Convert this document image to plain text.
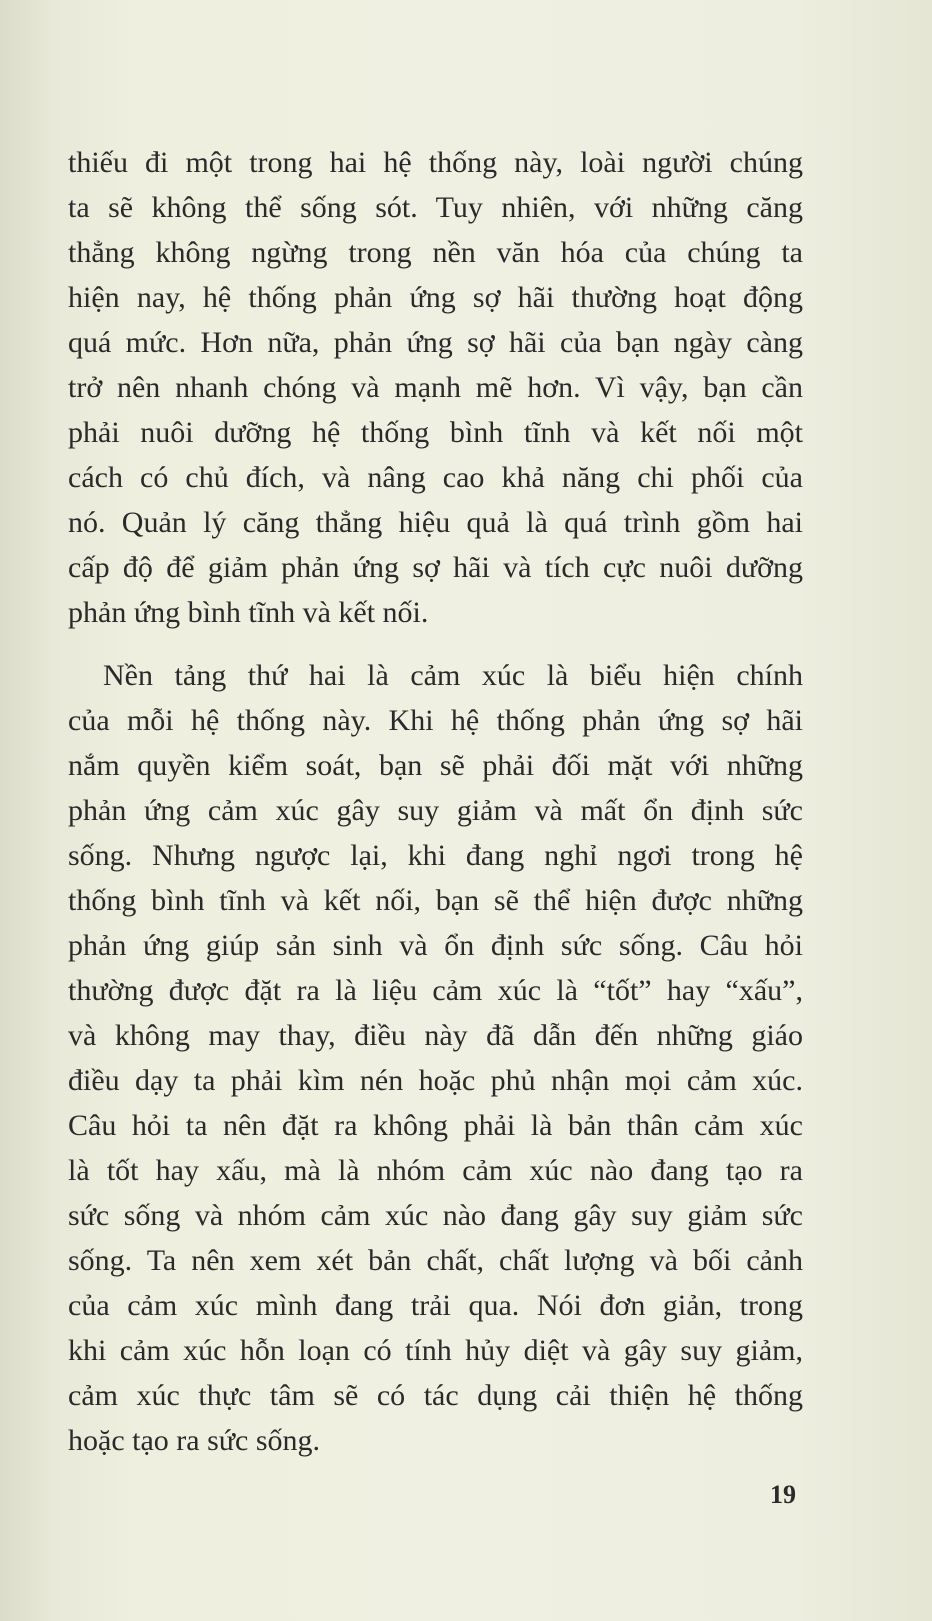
thiếu đi một trong hai hệ thống này, loài người chúng
ta sẽ không thể sống sót. Tuy nhiên, với những căng
thẳng không ngừng trong nền văn hóa của chúng ta
hiện nay, hệ thống phản ứng sợ hãi thường hoạt động
quá mức. Hơn nữa, phản ứng sợ hãi của bạn ngày càng
trở nên nhanh chóng và mạnh mẽ hơn. Vì vậy, bạn cần
phải nuôi dưỡng hệ thống bình tĩnh và kết nối một
cách có chủ đích, và nâng cao khả năng chi phối của
nó. Quản lý căng thẳng hiệu quả là quá trình gồm hai
cấp độ để giảm phản ứng sợ hãi và tích cực nuôi dưỡng
phản ứng bình tĩnh và kết nối.
Nền tảng thứ hai là cảm xúc là biểu hiện chính
của mỗi hệ thống này. Khi hệ thống phản ứng sợ hãi
nắm quyền kiểm soát, bạn sẽ phải đối mặt với những
phản ứng cảm xúc gây suy giảm và mất ổn định sức
sống. Nhưng ngược lại, khi đang nghỉ ngơi trong hệ
thống bình tĩnh và kết nối, bạn sẽ thể hiện được những
phản ứng giúp sản sinh và ổn định sức sống. Câu hỏi
thường được đặt ra là liệu cảm xúc là “tốt” hay “xấu”,
và không may thay, điều này đã dẫn đến những giáo
điều dạy ta phải kìm nén hoặc phủ nhận mọi cảm xúc.
Câu hỏi ta nên đặt ra không phải là bản thân cảm xúc
là tốt hay xấu, mà là nhóm cảm xúc nào đang tạo ra
sức sống và nhóm cảm xúc nào đang gây suy giảm sức
sống. Ta nên xem xét bản chất, chất lượng và bối cảnh
của cảm xúc mình đang trải qua. Nói đơn giản, trong
khi cảm xúc hỗn loạn có tính hủy diệt và gây suy giảm,
cảm xúc thực tâm sẽ có tác dụng cải thiện hệ thống
hoặc tạo ra sức sống.
19
